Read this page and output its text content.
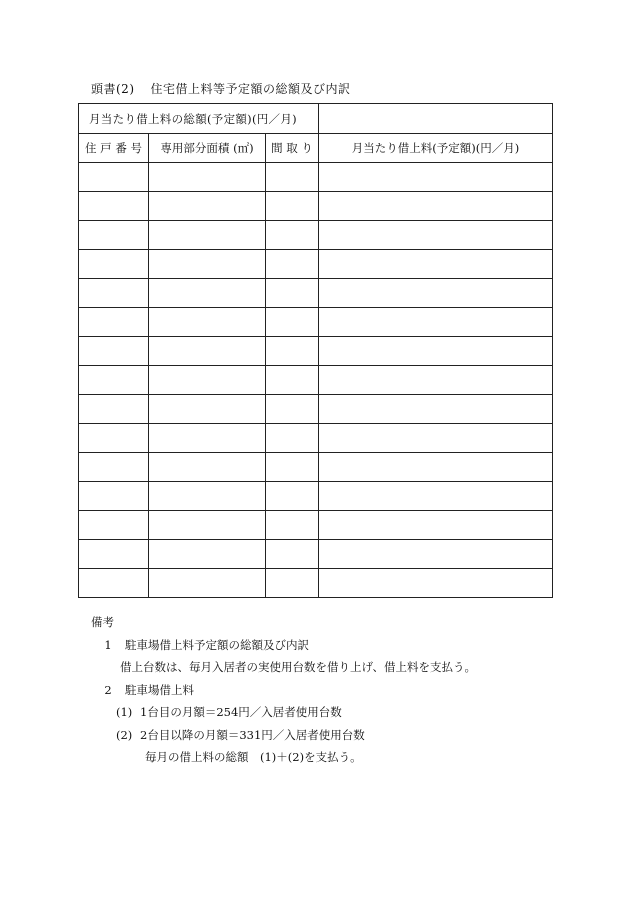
頭書(2) 住宅借上料等予定額の総額及び内訳
月当たり借上料の総額(予定額)(円／月)			
住 戸 番 号	専用部分面積 (㎡)	間 取 り	月当たり借上料(予定額)(円／月)

備考
1 駐車場借上料予定額の総額及び内訳
借上台数は、毎月入居者の実使用台数を借り上げ、借上料を支払う。
2 駐車場借上料
(1) 1台目の月額＝254円／入居者使用台数
(2) 2台目以降の月額＝331円／入居者使用台数
毎月の借上料の総額　(1)＋(2)を支払う。
